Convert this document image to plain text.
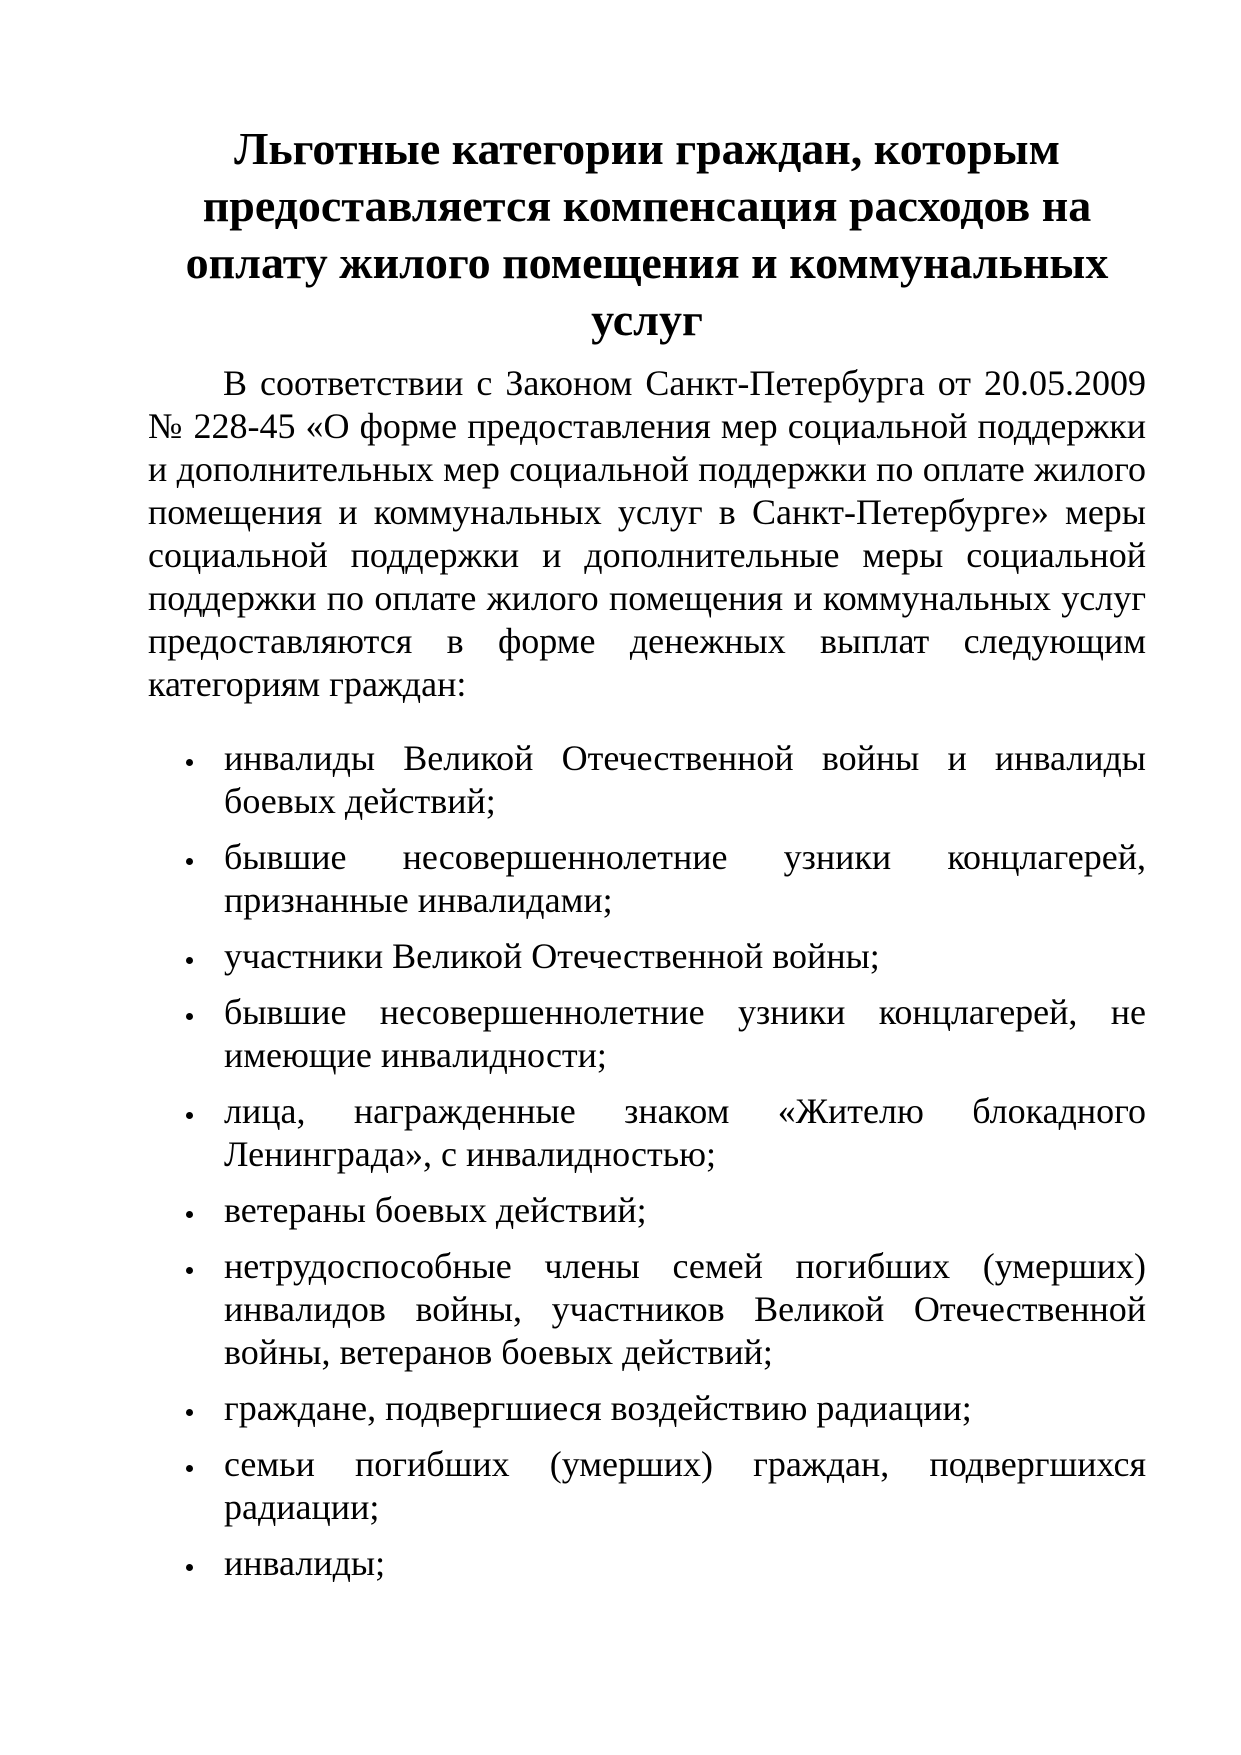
Льготные категории граждан, которым предоставляется компенсация расходов на оплату жилого помещения и коммунальных услуг

В соответствии с Законом Санкт-Петербурга от 20.05.2009 № 228-45 «О форме предоставления мер социальной поддержки и дополнительных мер социальной поддержки по оплате жилого помещения и коммунальных услуг в Санкт-Петербурге» меры социальной поддержки и дополнительные меры социальной поддержки по оплате жилого помещения и коммунальных услуг предоставляются в форме денежных выплат следующим категориям граждан:

инвалиды Великой Отечественной войны и инвалиды боевых действий;
бывшие несовершеннолетние узники концлагерей, признанные инвалидами;
участники Великой Отечественной войны;
бывшие несовершеннолетние узники концлагерей, не имеющие инвалидности;
лица, награжденные знаком «Жителю блокадного Ленинграда», с инвалидностью;
ветераны боевых действий;
нетрудоспособные члены семей погибших (умерших) инвалидов войны, участников Великой Отечественной войны, ветеранов боевых действий;
граждане, подвергшиеся воздействию радиации;
семьи погибших (умерших) граждан, подвергшихся радиации;
инвалиды;
